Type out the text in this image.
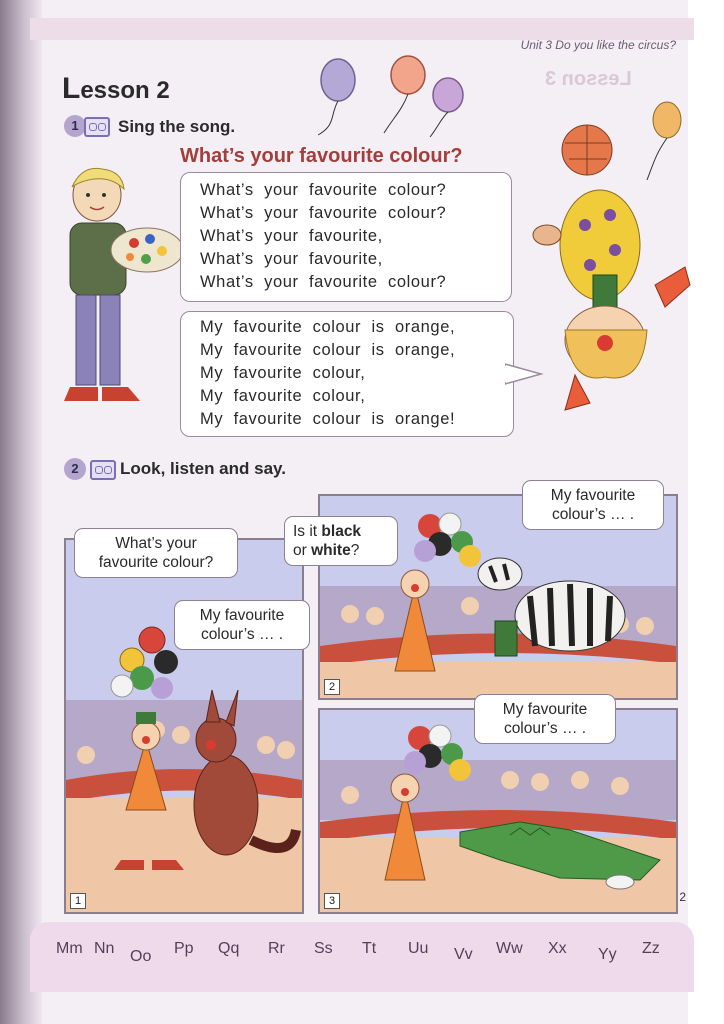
Unit 3 Do you like the circus?
Lesson 3
Lesson 2
1	Sing the song.
What’s your favourite colour?
What’s  your  favourite  colour?
What’s  your  favourite  colour?
What’s  your  favourite,
What’s  your  favourite,
What’s  your  favourite  colour?
My  favourite  colour  is  orange,
My  favourite  colour  is  orange,
My  favourite  colour,
My  favourite  colour,
My  favourite  colour  is  orange!
2	Look, listen and say.
1
What’s your
favourite colour?
My favourite
colour’s … .
2
Is it black
or white?
My favourite
colour’s … .
3
My favourite
colour’s … .
2
Mm Nn Oo Pp Qq Rr Ss Tt Uu Vv Ww Xx Yy Zz
